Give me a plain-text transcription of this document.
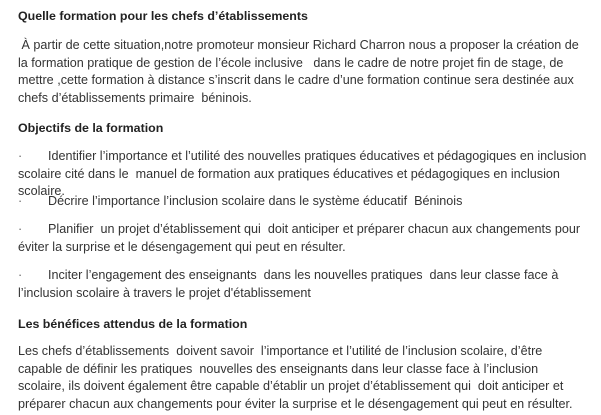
Quelle formation pour les chefs d’établissements

À partir de cette situation,notre promoteur monsieur Richard Charron nous a proposer la création de la formation pratique de gestion de l’école inclusive   dans le cadre de notre projet fin de stage, de mettre ,cette formation à distance s’inscrit dans le cadre d’une formation continue sera destinée aux chefs d’établissements primaire  béninois.

Objectifs de la formation

· Identifier l’importance et l’utilité des nouvelles pratiques éducatives et pédagogiques en inclusion scolaire cité dans le  manuel de formation aux pratiques éducatives et pédagogiques en inclusion scolaire.

· Décrire l’importance l’inclusion scolaire dans le système éducatif  Béninois

· Planifier  un projet d’établissement qui  doit anticiper et préparer chacun aux changements pour éviter la surprise et le désengagement qui peut en résulter.

· Inciter l’engagement des enseignants  dans les nouvelles pratiques  dans leur classe face à l’inclusion scolaire à travers le projet d'établissement

Les bénéfices attendus de la formation

Les chefs d’établissements  doivent savoir  l’importance et l’utilité de l’inclusion scolaire, d’être capable de définir les pratiques  nouvelles des enseignants dans leur classe face à l’inclusion scolaire, ils doivent également être capable d’établir un projet d’établissement qui  doit anticiper et préparer chacun aux changements pour éviter la surprise et le désengagement qui peut en résulter.
